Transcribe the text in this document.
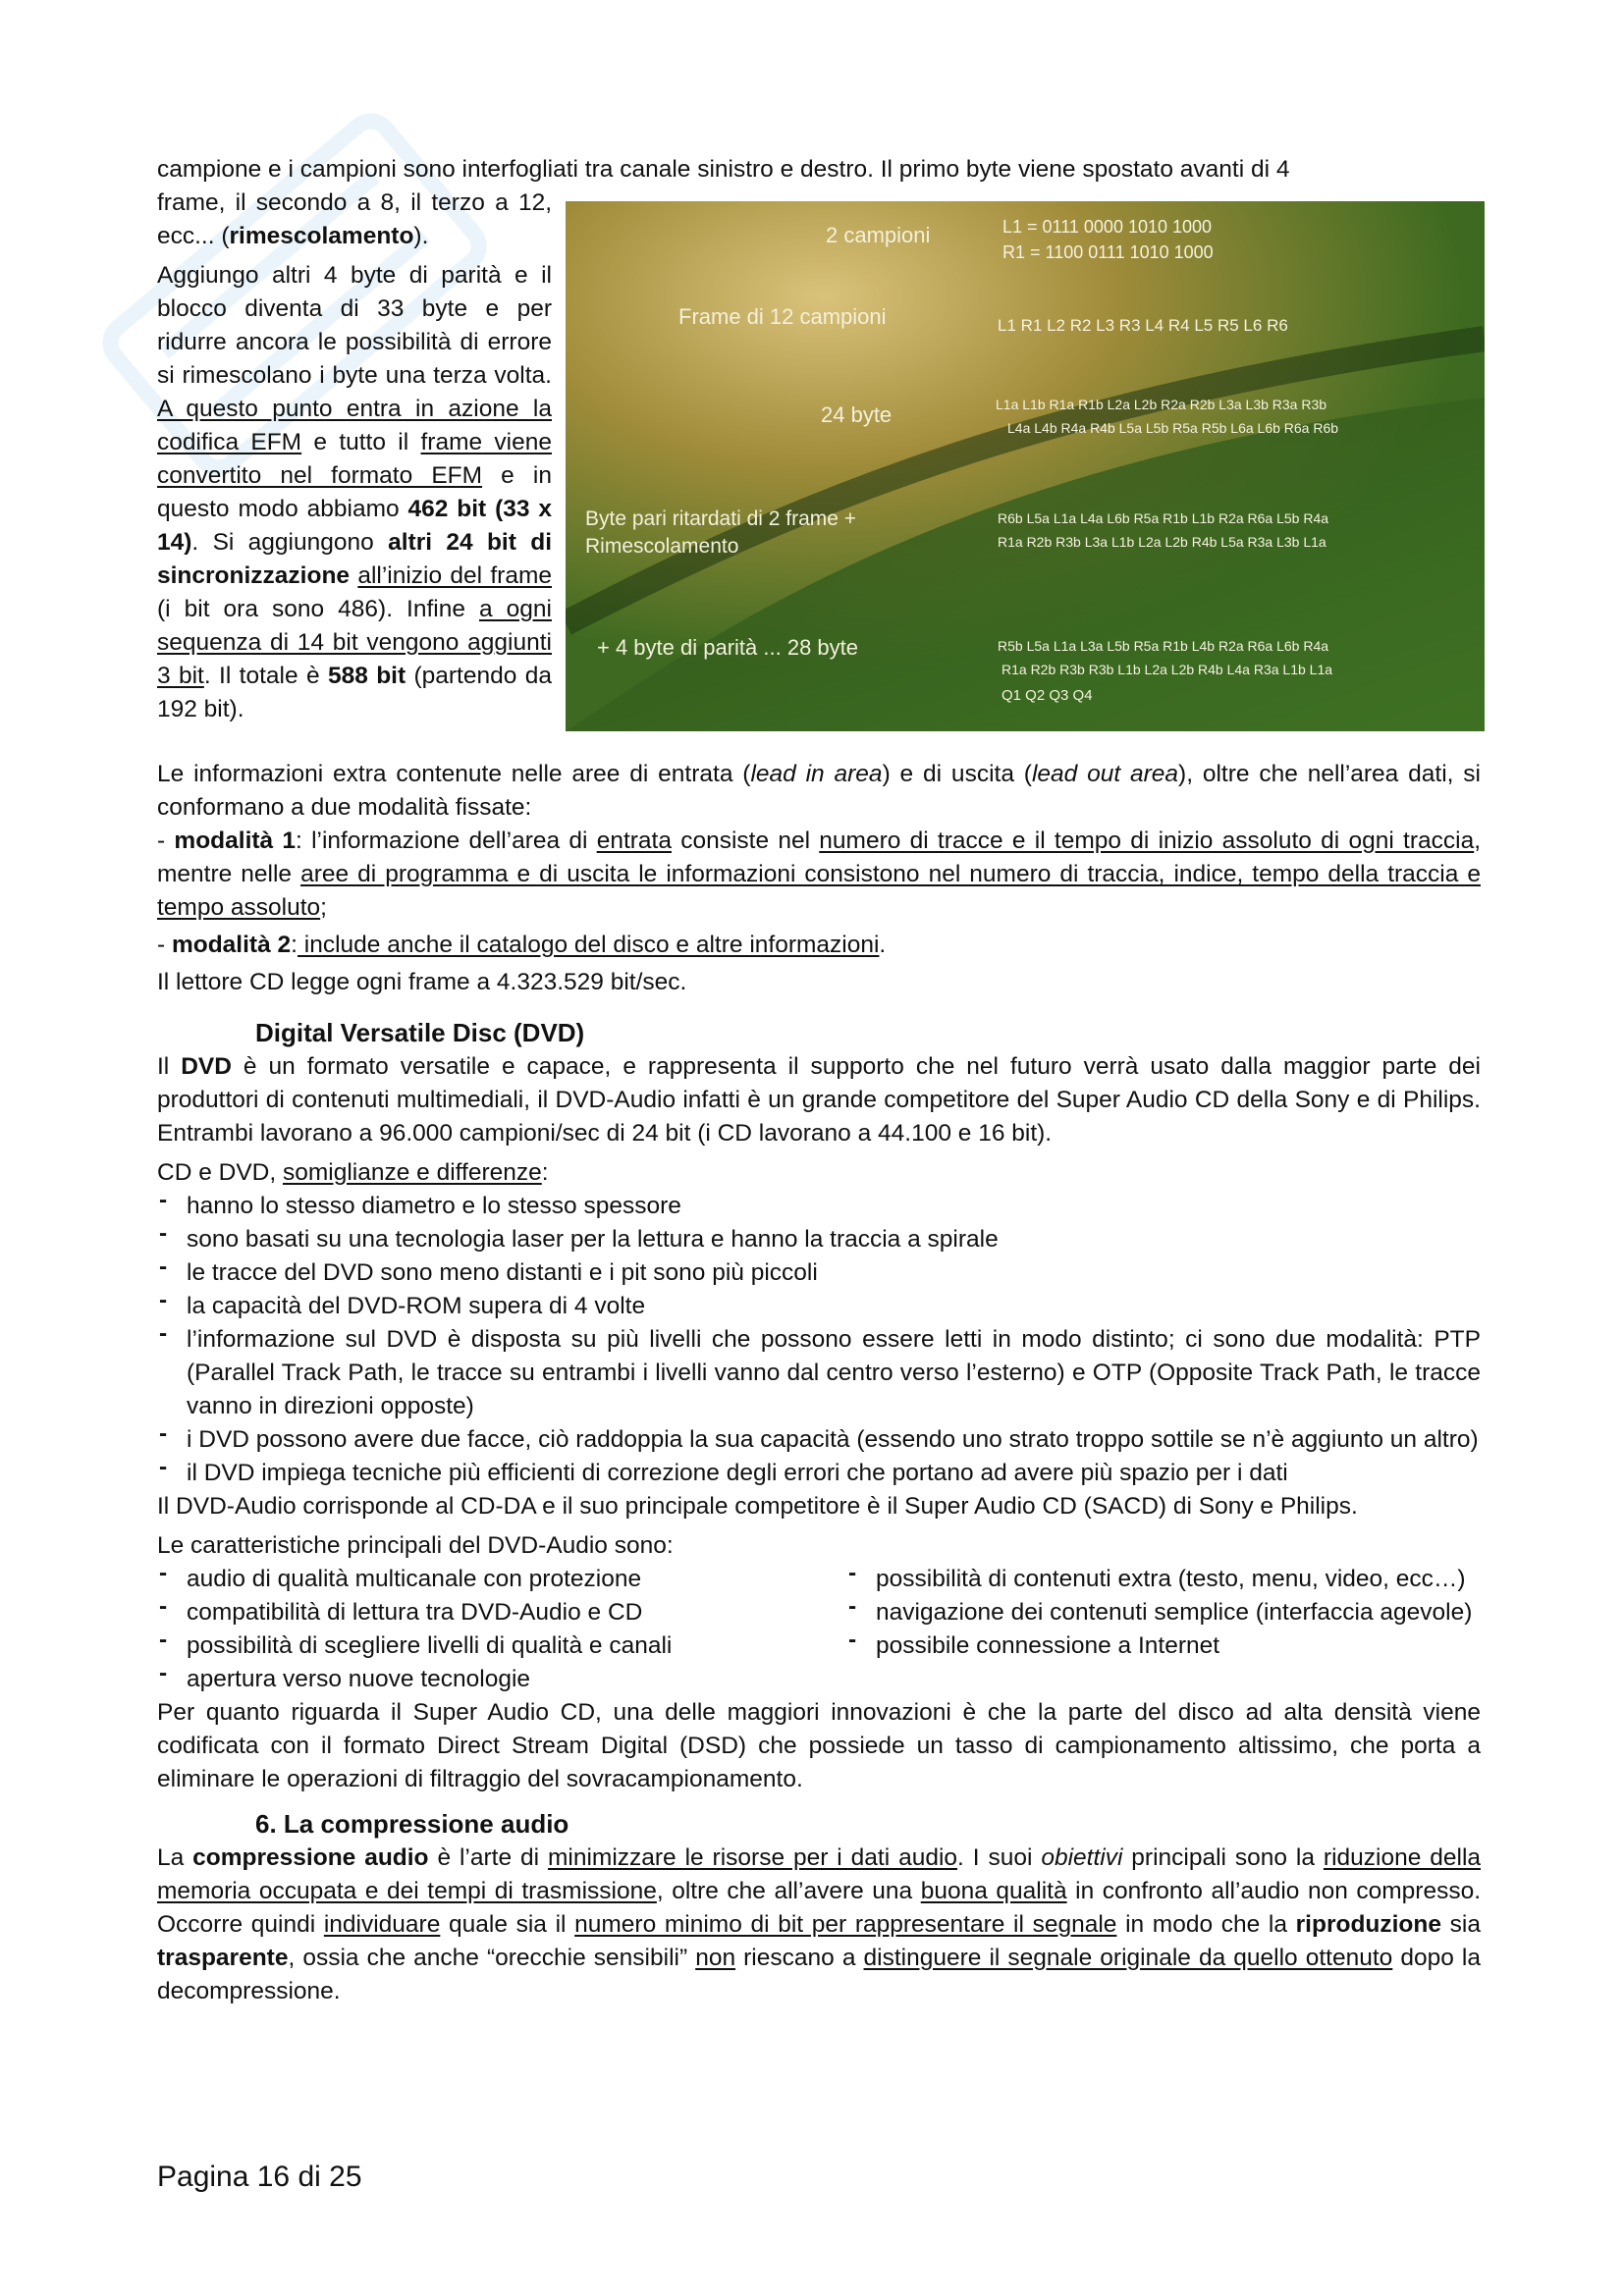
campione e i campioni sono interfogliati tra canale sinistro e destro. Il primo byte viene spostato avanti di 4

frame, il secondo a 8, il terzo a 12, ecc... (rimescolamento).

Aggiungo altri 4 byte di parità e il blocco diventa di 33 byte e per ridurre ancora le possibilità di errore si rimescolano i byte una terza volta. A questo punto entra in azione la codifica EFM e tutto il frame viene convertito nel formato EFM e in questo modo abbiamo 462 bit (33 x 14). Si aggiungono altri 24 bit di sincronizzazione all’inizio del frame (i bit ora sono 486). Infine a ogni sequenza di 14 bit vengono aggiunti 3 bit. Il totale è 588 bit (partendo da 192 bit).

2 campioni
Frame di 12 campioni
24 byte
Byte pari ritardati di 2 frame +
Rimescolamento
+ 4 byte di parità ... 28 byte
L1 = 0111 0000 1010 1000
R1 = 1100 0111 1010 1000
L1 R1 L2 R2 L3 R3 L4 R4 L5 R5 L6 R6
L1a L1b R1a R1b L2a L2b R2a R2b L3a L3b R3a R3b
L4a L4b R4a R4b L5a L5b R5a R5b L6a L6b R6a R6b
R6b L5a L1a L4a L6b R5a R1b L1b R2a R6a L5b R4a
R1a R2b R3b L3a L1b L2a L2b R4b L5a R3a L3b L1a
R5b L5a L1a L3a L5b R5a R1b L4b R2a R6a L6b R4a
R1a R2b R3b R3b L1b L2a L2b R4b L4a R3a L1b L1a
Q1 Q2 Q3 Q4

Le informazioni extra contenute nelle aree di entrata (lead in area) e di uscita (lead out area), oltre che nell’area dati, si conformano a due modalità fissate:

- modalità 1: l’informazione dell’area di entrata consiste nel numero di tracce e il tempo di inizio assoluto di ogni traccia, mentre nelle aree di programma e di uscita le informazioni consistono nel numero di traccia, indice, tempo della traccia e tempo assoluto;

- modalità 2: include anche il catalogo del disco e altre informazioni.

Il lettore CD legge ogni frame a 4.323.529 bit/sec.

Digital Versatile Disc (DVD)

Il DVD è un formato versatile e capace, e rappresenta il supporto che nel futuro verrà usato dalla maggior parte dei produttori di contenuti multimediali, il DVD-Audio infatti è un grande competitore del Super Audio CD della Sony e di Philips. Entrambi lavorano a 96.000 campioni/sec di 24 bit (i CD lavorano a 44.100 e 16 bit).

CD e DVD, somiglianze e differenze:

- hanno lo stesso diametro e lo stesso spessore
- sono basati su una tecnologia laser per la lettura e hanno la traccia a spirale
- le tracce del DVD sono meno distanti e i pit sono più piccoli
- la capacità del DVD-ROM supera di 4 volte
- l’informazione sul DVD è disposta su più livelli che possono essere letti in modo distinto; ci sono due modalità: PTP (Parallel Track Path, le tracce su entrambi i livelli vanno dal centro verso l’esterno) e OTP (Opposite Track Path, le tracce vanno in direzioni opposte)
- i DVD possono avere due facce, ciò raddoppia la sua capacità (essendo uno strato troppo sottile se n’è aggiunto un altro)
- il DVD impiega tecniche più efficienti di correzione degli errori che portano ad avere più spazio per i dati

Il DVD-Audio corrisponde al CD-DA e il suo principale competitore è il Super Audio CD (SACD) di Sony e Philips.

Le caratteristiche principali del DVD-Audio sono:

- audio di qualità multicanale con protezione
- compatibilità di lettura tra DVD-Audio e CD
- possibilità di scegliere livelli di qualità e canali
- apertura verso nuove tecnologie
- possibilità di contenuti extra (testo, menu, video, ecc…)
- navigazione dei contenuti semplice (interfaccia agevole)
- possibile connessione a Internet

Per quanto riguarda il Super Audio CD, una delle maggiori innovazioni è che la parte del disco ad alta densità viene codificata con il formato Direct Stream Digital (DSD) che possiede un tasso di campionamento altissimo, che porta a eliminare le operazioni di filtraggio del sovracampionamento.

6. La compressione audio

La compressione audio è l’arte di minimizzare le risorse per i dati audio. I suoi obiettivi principali sono la riduzione della memoria occupata e dei tempi di trasmissione, oltre che all’avere una buona qualità in confronto all’audio non compresso. Occorre quindi individuare quale sia il numero minimo di bit per rappresentare il segnale in modo che la riproduzione sia trasparente, ossia che anche “orecchie sensibili” non riescano a distinguere il segnale originale da quello ottenuto dopo la decompressione.

Pagina 16 di 25
